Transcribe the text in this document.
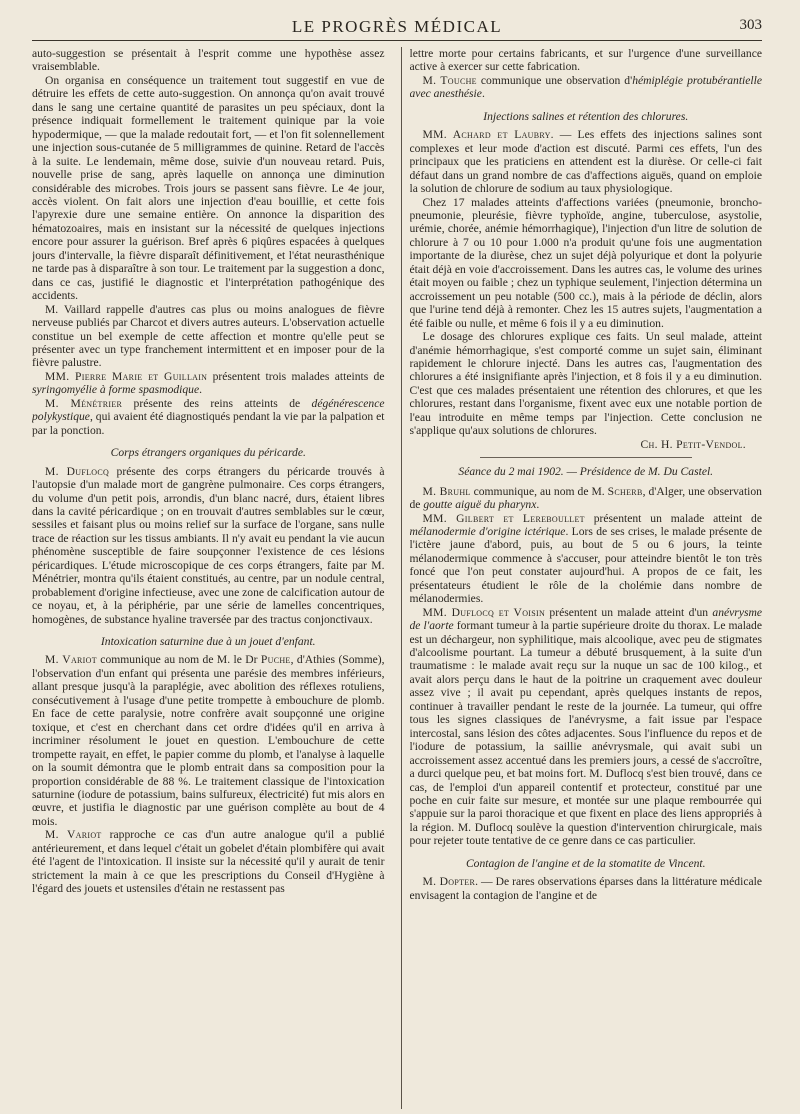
LE PROGRÈS MÉDICAL	303

auto-suggestion se présentait à l'esprit comme une hypothèse assez vraisemblable.

On organisa en conséquence un traitement tout suggestif en vue de détruire les effets de cette auto-suggestion. On annonça qu'on avait trouvé dans le sang une certaine quantité de parasites un peu spéciaux, dont la présence indiquait formellement le traitement quinique par la voie hypodermique, — que la malade redoutait fort, — et l'on fit solennellement une injection sous-cutanée de 5 milligrammes de quinine. Retard de l'accès à la suite. Le lendemain, même dose, suivie d'un nouveau retard. Puis, nouvelle prise de sang, après laquelle on annonça une diminution considérable des microbes. Trois jours se passent sans fièvre. Le 4e jour, accès violent. On fait alors une injection d'eau bouillie, et cette fois l'apyrexie dure une semaine entière. On annonce la disparition des hématozoaires, mais en insistant sur la nécessité de quelques injections encore pour assurer la guérison. Bref après 6 piqûres espacées à quelques jours d'intervalle, la fièvre disparaît définitivement, et l'état neurasthénique ne tarde pas à disparaître à son tour. Le traitement par la suggestion a donc, dans ce cas, justifié le diagnostic et l'interprétation pathogénique des accidents.

M. Vaillard rappelle d'autres cas plus ou moins analogues de fièvre nerveuse publiés par Charcot et divers autres auteurs. L'observation actuelle constitue un bel exemple de cette affection et montre qu'elle peut se présenter avec un type franchement intermittent et en imposer pour de la fièvre palustre.

MM. Pierre Marie et Guillain présentent trois malades atteints de syringomyélie à forme spasmodique.

M. Ménétrier présente des reins atteints de dégénérescence polykystique, qui avaient été diagnostiqués pendant la vie par la palpation et par la ponction.

Corps étrangers organiques du péricarde.

M. Duflocq présente des corps étrangers du péricarde trouvés à l'autopsie d'un malade mort de gangrène pulmonaire. Ces corps étrangers, du volume d'un petit pois, arrondis, d'un blanc nacré, durs, étaient libres dans la cavité péricardique ; on en trouvait d'autres semblables sur le cœur, sessiles et faisant plus ou moins relief sur la surface de l'organe, sans nulle trace de réaction sur les tissus ambiants. Il n'y avait eu pendant la vie aucun phénomène susceptible de faire soupçonner l'existence de ces lésions péricardiques. L'étude microscopique de ces corps étrangers, faite par M. Ménétrier, montra qu'ils étaient constitués, au centre, par un nodule central, probablement d'origine infectieuse, avec une zone de calcification autour de ce noyau, et, à la périphérie, par une série de lamelles concentriques, homogènes, de substance hyaline traversée par des tractus conjonctivaux.

Intoxication saturnine due à un jouet d'enfant.

M. Variot communique au nom de M. le Dr Puche, d'Athies (Somme), l'observation d'un enfant qui présenta une parésie des membres inférieurs, allant presque jusqu'à la paraplégie, avec abolition des réflexes rotuliens, consécutivement à l'usage d'une petite trompette à embouchure de plomb. En face de cette paralysie, notre confrère avait soupçonné une origine toxique, et c'est en cherchant dans cet ordre d'idées qu'il en arriva à incriminer résolument le jouet en question. L'embouchure de cette trompette rayait, en effet, le papier comme du plomb, et l'analyse à laquelle on la soumit démontra que le plomb entrait dans sa composition pour la proportion considérable de 88 %. Le traitement classique de l'intoxication saturnine (iodure de potassium, bains sulfureux, électricité) fut mis alors en œuvre, et justifia le diagnostic par une guérison complète au bout de 4 mois.

M. Variot rapproche ce cas d'un autre analogue qu'il a publié antérieurement, et dans lequel c'était un gobelet d'étain plombifère qui avait été l'agent de l'intoxication. Il insiste sur la nécessité qu'il y aurait de tenir strictement la main à ce que les prescriptions du Conseil d'Hygiène à l'égard des jouets et ustensiles d'étain ne restassent pas

lettre morte pour certains fabricants, et sur l'urgence d'une surveillance active à exercer sur cette fabrication.

M. Touche communique une observation d'hémiplégie protubérantielle avec anesthésie.

Injections salines et rétention des chlorures.

MM. Achard et Laubry. — Les effets des injections salines sont complexes et leur mode d'action est discuté. Parmi ces effets, l'un des principaux que les praticiens en attendent est la diurèse. Or celle-ci fait défaut dans un grand nombre de cas d'affections aiguës, quand on emploie la solution de chlorure de sodium au taux physiologique.

Chez 17 malades atteints d'affections variées (pneumonie, broncho-pneumonie, pleurésie, fièvre typhoïde, angine, tuberculose, asystolie, urémie, chorée, anémie hémorrhagique), l'injection d'un litre de solution de chlorure à 7 ou 10 pour 1.000 n'a produit qu'une fois une augmentation importante de la diurèse, chez un sujet déjà polyurique et dont la polyurie était déjà en voie d'accroissement. Dans les autres cas, le volume des urines était moyen ou faible ; chez un typhique seulement, l'injection détermina un accroissement un peu notable (500 cc.), mais à la période de déclin, alors que l'urine tend déjà à remonter. Chez les 15 autres sujets, l'augmentation a été faible ou nulle, et même 6 fois il y a eu diminution.

Le dosage des chlorures explique ces faits. Un seul malade, atteint d'anémie hémorrhagique, s'est comporté comme un sujet sain, éliminant rapidement le chlorure injecté. Dans les autres cas, l'augmentation des chlorures a été insignifiante après l'injection, et 8 fois il y a eu diminution. C'est que ces malades présentaient une rétention des chlorures, et que les chlorures, restant dans l'organisme, fixent avec eux une notable portion de l'eau introduite en même temps par l'injection. Cette conclusion ne s'applique qu'aux solutions de chlorures.

Ch. H. Petit-Vendol.
Séance du 2 mai 1902. — Présidence de M. Du Castel.

M. Bruhl communique, au nom de M. Scherb, d'Alger, une observation de goutte aiguë du pharynx.

MM. Gilbert et Lereboullet présentent un malade atteint de mélanodermie d'origine ictérique. Lors de ses crises, le malade présente de l'ictère jaune d'abord, puis, au bout de 5 ou 6 jours, la teinte mélanodermique commence à s'accuser, pour atteindre bientôt le ton très foncé que l'on peut constater aujourd'hui. A propos de ce fait, les présentateurs étudient le rôle de la cholémie dans nombre de mélanodermies.

MM. Duflocq et Voisin présentent un malade atteint d'un anévrysme de l'aorte formant tumeur à la partie supérieure droite du thorax. Le malade est un déchargeur, non syphilitique, mais alcoolique, avec peu de stigmates d'alcoolisme pourtant. La tumeur a débuté brusquement, à la suite d'un traumatisme : le malade avait reçu sur la nuque un sac de 100 kilog., et avait alors perçu dans le haut de la poitrine un craquement avec douleur assez vive ; il avait pu cependant, après quelques instants de repos, continuer à travailler pendant le reste de la journée. La tumeur, qui offre tous les signes classiques de l'anévrysme, a fait issue par l'espace intercostal, sans lésion des côtes adjacentes. Sous l'influence du repos et de l'iodure de potassium, la saillie anévrysmale, qui avait subi un accroissement assez accentué dans les premiers jours, a cessé de s'accroître, a durci quelque peu, et bat moins fort. M. Duflocq s'est bien trouvé, dans ce cas, de l'emploi d'un appareil contentif et protecteur, constitué par une poche en cuir faite sur mesure, et montée sur une plaque rembourrée qui s'appuie sur la paroi thoracique et que fixent en place des liens appropriés à la région. M. Duflocq soulève la question d'intervention chirurgicale, mais pour rejeter toute tentative de ce genre dans ce cas particulier.

Contagion de l'angine et de la stomatite de Vincent.

M. Dopter. — De rares observations éparses dans la littérature médicale envisagent la contagion de l'angine et de
